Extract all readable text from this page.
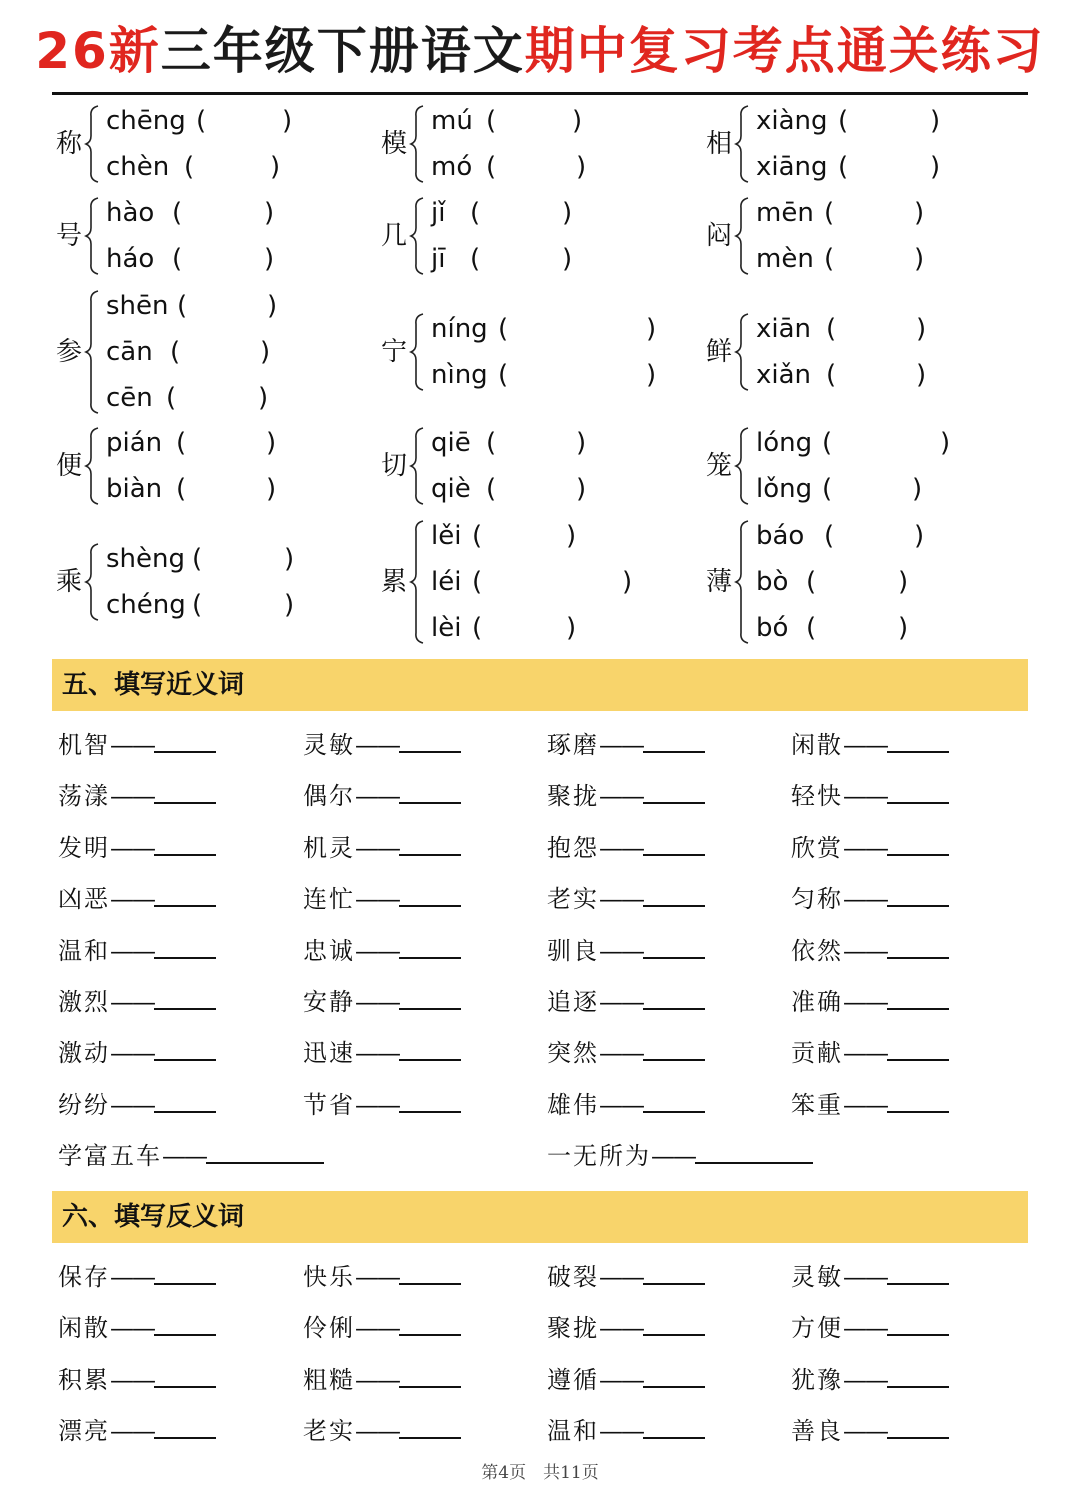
26新三年级下册语文期中复习考点通关练习
称
chēng (	)
chèn (	)
模
mú (	)
mó (	)
相
xiàng (	)
xiāng (	)
号
hào (	)
háo (	)
几
jǐ (	)
jī (	)
闷
mēn (	)
mèn (	)
参
shēn (	)
cān (	)
cēn (	)
宁
níng (	)
nìng (	)
鲜
xiān (	)
xiǎn (	)
便
pián (	)
biàn (	)
切
qiē (	)
qiè (	)
笼
lóng (	)
lǒng (	)
乘
shèng (	)
chéng (	)
累
lěi (	)
léi (	)
lèi (	)
薄
báo (	)
bò (	)
bó (	)
五、填写近义词
机智——	灵敏——	琢磨——	闲散——
荡漾——	偶尔——	聚拢——	轻快——
发明——	机灵——	抱怨——	欣赏——
凶恶——	连忙——	老实——	匀称——
温和——	忠诚——	驯良——	依然——
激烈——	安静——	追逐——	准确——
激动——	迅速——	突然——	贡献——
纷纷——	节省——	雄伟——	笨重——
学富五车——	一无所为——
六、填写反义词
保存——	快乐——	破裂——	灵敏——
闲散——	伶俐——	聚拢——	方便——
积累——	粗糙——	遵循——	犹豫——
漂亮——	老实——	温和——	善良——
第4页　共11页
